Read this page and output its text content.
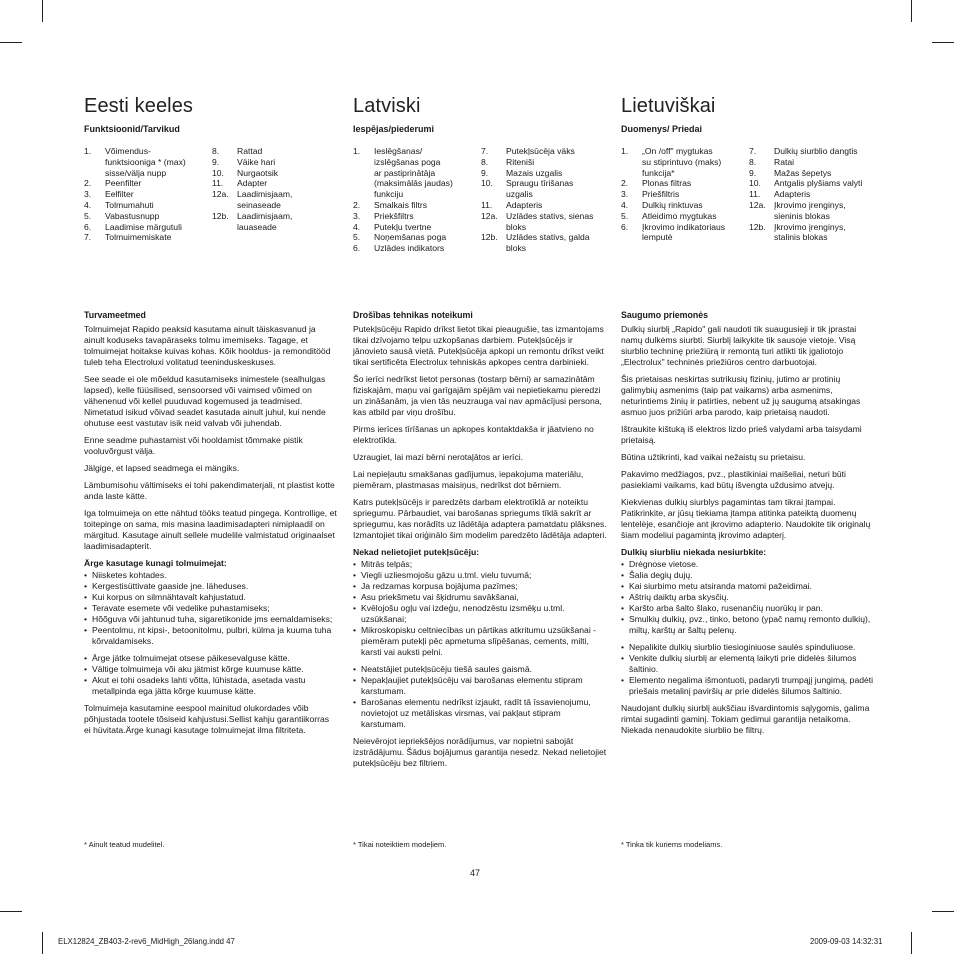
Eesti keeles
Funktsioonid/Tarvikud
1.	Võimendus-
funktsiooniga * (max)
sisse/välja nupp
2.	Peenfilter
3.	Eelfilter
4.	Tolmumahuti
5.	Vabastusnupp
6.	Laadimise märgutuli
7.	Tolmuimemiskate
8.	Rattad
9.	Väike hari
10.	Nurgaotsik
11.	Adapter
12a. Laadimisjaam,
seinaseade
12b. Laadimisjaam,
lauaseade
Turvameetmed

Tolmuimejat Rapido peaksid kasutama ainult täiskasvanud ja ainult koduseks tavapäraseks tolmu imemiseks. Tagage, et tolmuimejat hoitakse kuivas kohas. Kõik hooldus- ja remonditööd tuleb teha Electroluxi volitatud teeninduskeskuses.

See seade ei ole mõeldud kasutamiseks inimestele (sealhulgas lapsed), kelle füüsilised, sensoorsed või vaimsed võimed on vähenenud või kellel puuduvad kogemused ja teadmised. Nimetatud isikud võivad seadet kasutada ainult juhul, kui nende ohutuse eest vastutav isik neid valvab või juhendab.

Enne seadme puhastamist või hooldamist tõmmake pistik vooluvõrgust välja.

Jälgige, et lapsed seadmega ei mängiks.

Lämbumisohu vältimiseks ei tohi pakendimaterjali, nt plastist kotte anda laste kätte.

Iga tolmuimeja on ette nähtud tööks teatud pingega. Kontrollige, et toitepinge on sama, mis masina laadimisadapteri nimiplaadil on märgitud. Kasutage ainult sellele mudelile valmistatud originaalset laadimisadapterit.

Ärge kasutage kunagi tolmuimejat:
• Niisketes kohtades.
• Kergestisüttivate gaaside jne. läheduses.
• Kui korpus on silmnähtavalt kahjustatud.
• Teravate esemete või vedelike puhastamiseks;
• Hõõguva või jahtunud tuha, sigaretikonide jms eemaldamiseks;
• Peentolmu, nt kipsi-, betoonitolmu, pulbri, külma ja kuuma tuha kõrvaldamiseks.
• Ärge jätke tolmuimejat otsese päikesevalguse kätte.
• Vältige tolmuimeja või aku jätmist kõrge kuumuse kätte.
• Akut ei tohi osadeks lahti võtta, lühistada, asetada vastu metallpinda ega jätta kõrge kuumuse kätte.

Tolmuimeja kasutamine eespool mainitud olukordades võib põhjustada tootele tõsiseid kahjustusi.Sellist kahju garantiikorras ei hüvitata.Ärge kunagi kasutage tolmuimejat ilma filtriteta.

* Ainult teatud mudelitel.
Latviski
Iespējas/piederumi
1.	Ieslēgšanas/
izslēgšanas poga
ar pastiprinātāja
(maksimālās jaudas)
funkciju
2.	Smalkais filtrs
3.	Priekšfiltrs
4.	Putekļu tvertne
5.	Noņemšanas poga
6.	Uzlādes indikators
7.	Putekļsūcēja väks
8.	Riteniši
9.	Mazais uzgalis
10.	Spraugu tīrišanas
uzgalis
11.	Adapteris
12a. Uzlādes stativs, sienas
bloks
12b. Uzlādes stativs, galda
bloks
Drošības tehnikas noteikumi

Putekļsūcēju Rapido drīkst lietot tikai pieaugušie, tas izmantojams tikai dzīvojamo telpu uzkopšanas darbiem. Putekļsūcējs ir jānovieto sausā vietā. Putekļsūcēja apkopi un remontu drīkst veikt tikai sertificēta Electrolux tehniskās apkopes centra darbinieki.

Šo ierīci nedrīkst lietot personas (tostarp bērni) ar samazinātām fiziskajām, maņu vai garīgajām spējām vai nepietiekamu pieredzi un zināšanām, ja vien tās neuzrauga vai nav apmācījusi persona, kas atbild par viņu drošību.

Pirms ierīces tīrīšanas un apkopes kontaktdakša ir jāatvieno no elektrotīkla.

Uzraugiet, lai mazi bērni nerotaļātos ar ierīci.

Lai nepieļautu smakšanas gadījumus, iepakojuma materiālu, piemēram, plastmasas maisiņus, nedrīkst dot bērniem.

Katrs putekļsūcējs ir paredzēts darbam elektrotīklā ar noteiktu spriegumu. Pārbaudiet, vai barošanas spriegums tīklā sakrīt ar spriegumu, kas norādīts uz lādētāja adaptera pamatdatu plāksnes. Izmantojiet tikai oriģinālo šim modelim paredzēto lādētāja adapteri.

Nekad nelietojiet putekļsūcēju:
• Mitrās telpās;
• Viegli uzliesmojošu gāzu u.tml. vielu tuvumā;
• Ja redzamas korpusa bojājuma pazīmes;
• Asu priekšmetu vai šķidrumu savākšanai,
• Kvēlojošu ogļu vai izdeģu, nenodzēstu izsmēķu u.tml. uzsūkšanai;
• Mikroskopisku celtniecības un pārtikas atkritumu uzsūkšanai - piemēram putekļi pēc apmetuma slīpēšanas, cements, milti, karsti vai auksti pelni.
• Neatstājiet putekļsūcēju tiešā saules gaismā.
• Nepakļaujiet putekļsūcēju vai barošanas elementu stipram karstumam.
• Barošanas elementu nedrīkst izjaukt, radīt tā īssavienojumu, novietojot uz metāliskas virsmas, vai pakļaut stipram karstumam.

Neievērojot iepriekšējos norādījumus, var nopietni sabojāt izstrādājumu. Šādus bojājumus garantija nesedz. Nekad nelietojiet putekļsūcēju bez filtriem.

* Tikai noteiktiem modeļiem.
Lietuviškai
Duomenys/ Priedai
1.	„On /off" mygtukas
su stiprintuvo (maks)
funkcija*
2.	Plonas filtras
3.	Priešfiltris
4.	Dulkių rinktuvas
5.	Atleidimo mygtukas
6.	Įkrovimo indikatoriaus
lemputė
7.	Dulkių siurblio dangtis
8.	Ratai
9.	Mažas šepetys
10.	Antgalis plyšiams valyti
11.	Adapteris
12a. Įkrovimo įrenginys,
sieninis blokas
12b. Įkrovimo įrenginys,
stalinis blokas
Saugumo priemonės

Dulkių siurblį „Rapido" gali naudoti tik suaugusieji ir tik įprastai namų dulkėms siurbti. Siurblį laikykite tik sausoje vietoje. Visą siurblio techninę priežiūrą ir remontą turi atlikti tik įgaliotojo „Electrolux" techninės priežiūros centro darbuotojai.

Šis prietaisas neskirtas sutrikusių fizinių, jutimo ar protinių galimybių asmenims (taip pat vaikams) arba asmenims, neturintiems žinių ir patirties, nebent už jų saugumą atsakingas asmuo juos prižiūri arba parodo, kaip prietaisą naudoti.

Ištraukite kištuką iš elektros lizdo prieš valydami arba taisydami prietaisą.

Būtina užtikrinti, kad vaikai nežaistų su prietaisu.

Pakavimo medžiagos, pvz., plastikiniai maišeliai, neturi būti pasiekiami vaikams, kad būtų išvengta uždusimo atvejų.

Kiekvienas dulkių siurblys pagamintas tam tikrai įtampai. Patikrinkite, ar jūsų tiekiama įtampa atitinka pateiktą duomenų lentelėje, esančioje ant įkrovimo adapterio. Naudokite tik originalų šiam modeliui pagamintą įkrovimo adapterį.

Dulkių siurbliu niekada nesiurbkite:
• Drėgnose vietose.
• Šalia degių dujų.
• Kai siurbimo metu atsiranda matomi pažeidimai.
• Aštrių daiktų arba skysčių.
• Karšto arba šalto šlako, rusenančių nuorūkų ir pan.
• Smulkių dulkių, pvz., tinko, betono (ypač namų remonto dulkių), miltų, karštų ar šaltų pelenų.
• Nepalikite dulkių siurblio tiesioginiuose saulės spinduliuose.
• Venkite dulkių siurblį ar elementą laikyti prie didelės šilumos šaltinio.
• Elemento negalima išmontuoti, padaryti trumpąjį jungimą, padėti priešais metalinį paviršių ar prie didelės šilumos šaltinio.

Naudojant dulkių siurblį aukščiau išvardintomis sąlygomis, galima rimtai sugadinti gaminį. Tokiam gedimui garantija netaikoma. Niekada nenaudokite siurblio be filtrų.

* Tinka tik kuriems modeliams.
47
ELX12824_ZB403-2-rev6_MidHigh_26lang.indd 47	2009-09-03 14:32:31
